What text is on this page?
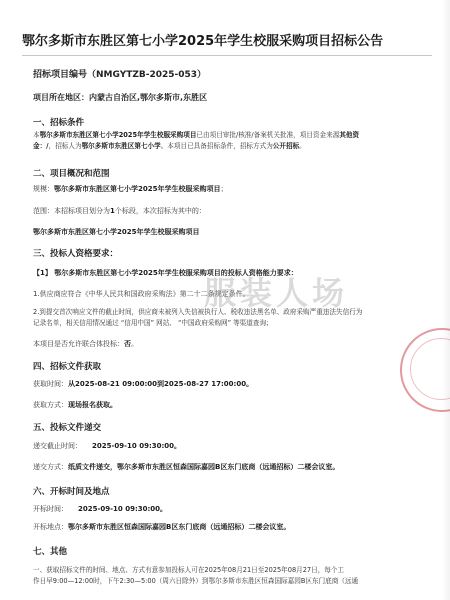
鄂尔多斯市东胜区第七小学2025年学生校服采购项目招标公告
招标项目编号（NMGYTZB-2025-053）
项目所在地区：内蒙古自治区,鄂尔多斯市,东胜区
一、招标条件
本鄂尔多斯市东胜区第七小学2025年学生校服采购项目已由项目审批/核准/备案机关批准，项目资金来源其他资
金：/，招标人为鄂尔多斯市东胜区第七小学。本项目已具备招标条件，招标方式为公开招标。
二、项目概况和范围
规模：鄂尔多斯市东胜区第七小学2025年学生校服采购项目；
范围：本招标项目划分为1个标段，本次招标为其中的：
鄂尔多斯市东胜区第七小学2025年学生校服采购项目
三、投标人资格要求：
【1】 鄂尔多斯市东胜区第七小学2025年学生校服采购项目的投标人资格能力要求：
1.供应商应符合《中华人民共和国政府采购法》第二十二条规定条件。
2.到提交首次响应文件的截止时间，供应商未被列入失信被执行人、税收违法黑名单、政府采购严重违法失信行为
记录名单，相关信用情况通过 “信用中国” 网站、 “中国政府采购网” 等渠道查询；
本项目是否允许联合体投标：否。
四、招标文件获取
获取时间：从2025-08-21 09:00:00到2025-08-27 17:00:00。
获取方式：现场报名获取。
五、投标文件递交
递交截止时间： 2025-09-10 09:30:00。
递交方式：纸质文件递交，鄂尔多斯市东胜区恒森国际嘉园B区东门底商（远通招标）二楼会议室。
六、开标时间及地点
开标时间： 2025-09-10 09:30:00。
开标地点：鄂尔多斯市东胜区恒森国际嘉园B区东门底商（远通招标）二楼会议室。
七、其他
一、获取招标文件的时间、地点、方式有意参加投标人可在2025年08月21日至2025年08月27日，每个工
作日早9:00—12:00时，下午2:30—5:00（周六日除外）到鄂尔多斯市东胜区恒森国际嘉园B区东门底商（远通
服装人场
